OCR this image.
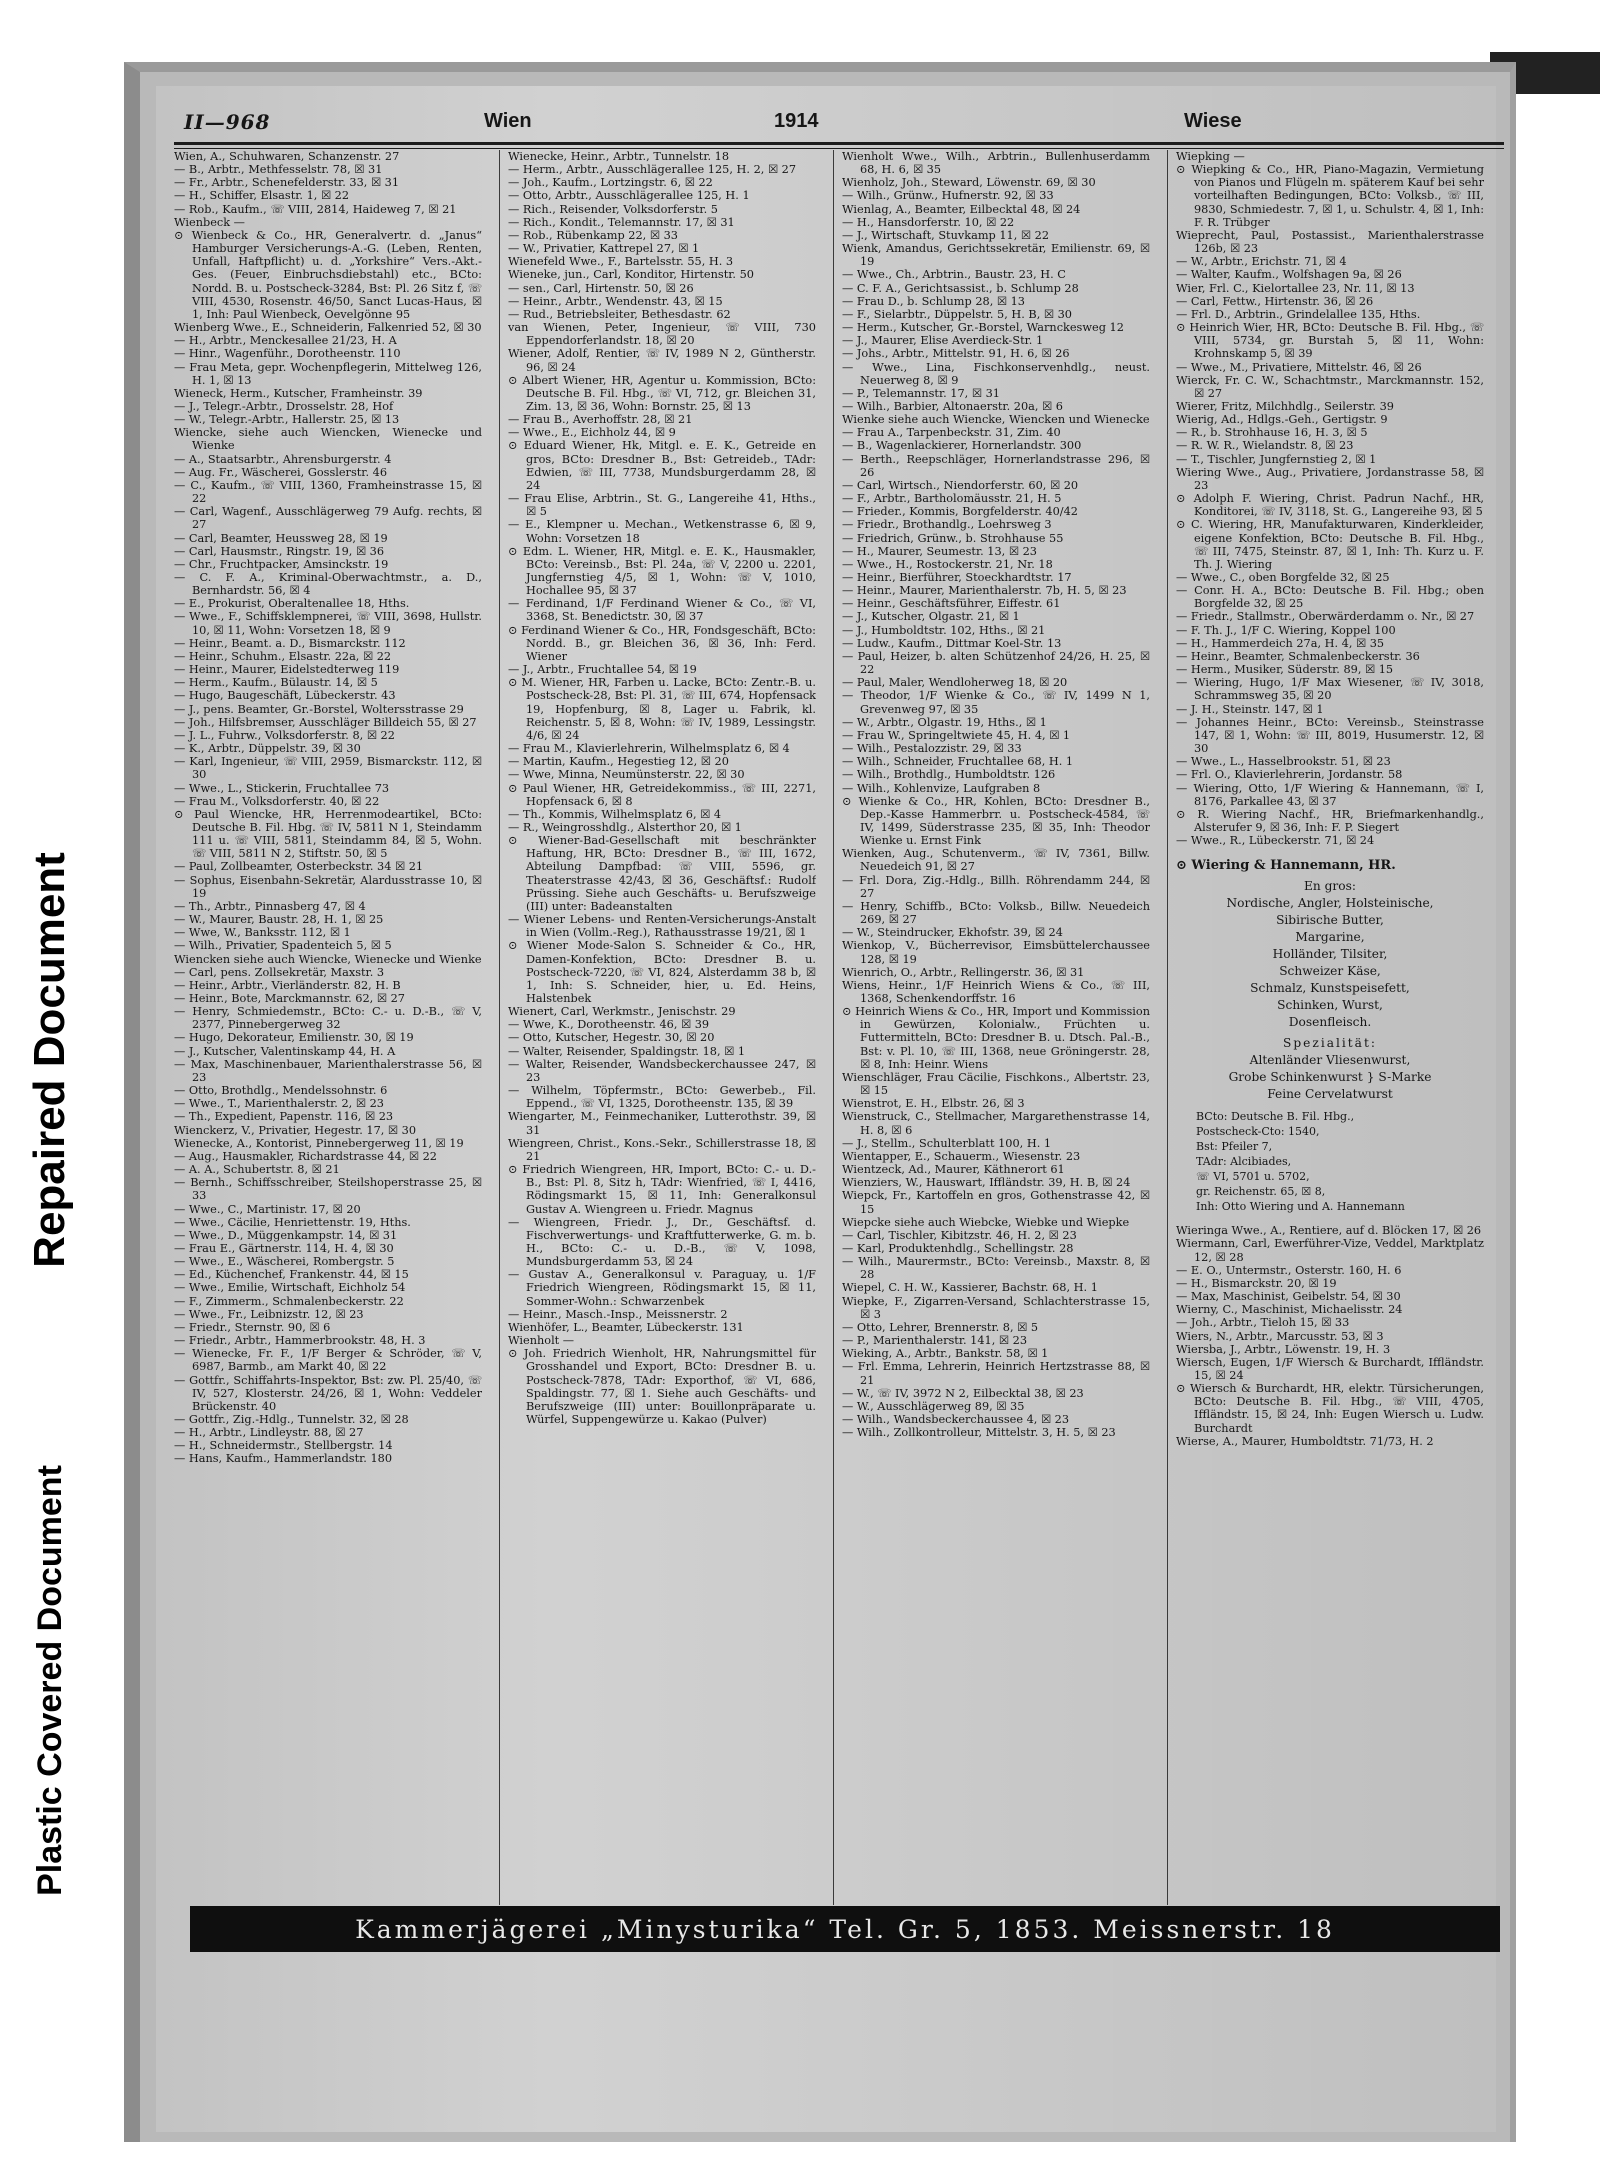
Repaired Document
Plastic Covered Document
II—968	Wien	1914	Wiese

Wien, A., Schuhwaren, Schanzenstr. 27

— B., Arbtr., Methfesselstr. 78, ☒ 31

— Fr., Arbtr., Schenefelderstr. 33, ☒ 31

— H., Schiffer, Elsastr. 1, ☒ 22

— Rob., Kaufm., ☏ VIII, 2814, Haideweg 7, ☒ 21

Wienbeck —

⊙ Wienbeck & Co., HR, Generalvertr. d. „Janus“ Hamburger Versicherungs-A.-G. (Leben, Renten, Unfall, Haftpflicht) u. d. „Yorkshire“ Vers.-Akt.-Ges. (Feuer, Einbruchsdiebstahl) etc., BCto: Nordd. B. u. Postscheck-3284, Bst: Pl. 26 Sitz f, ☏ VIII, 4530, Rosenstr. 46/50, Sanct Lucas-Haus, ☒ 1, Inh: Paul Wienbeck, Oevelgönne 95

Wienberg Wwe., E., Schneiderin, Falkenried 52, ☒ 30

— H., Arbtr., Menckesallee 21/23, H. A

— Hinr., Wagenführ., Dorotheenstr. 110

— Frau Meta, gepr. Wochenpflegerin, Mittelweg 126, H. 1, ☒ 13

Wieneck, Herm., Kutscher, Framheinstr. 39

— J., Telegr.-Arbtr., Drosselstr. 28, Hof

— W., Telegr.-Arbtr., Hallerstr. 25, ☒ 13

Wiencke, siehe auch Wiencken, Wienecke und Wienke

— A., Staatsarbtr., Ahrensburgerstr. 4

— Aug. Fr., Wäscherei, Gosslerstr. 46

— C., Kaufm., ☏ VIII, 1360, Framheinstrasse 15, ☒ 22

— Carl, Wagenf., Ausschlägerweg 79 Aufg. rechts, ☒ 27

— Carl, Beamter, Heussweg 28, ☒ 19

— Carl, Hausmstr., Ringstr. 19, ☒ 36

— Chr., Fruchtpacker, Amsinckstr. 19

— C. F. A., Kriminal-Oberwachtmstr., a. D., Bernhardstr. 56, ☒ 4

— E., Prokurist, Oberaltenallee 18, Hths.

— Wwe., F., Schiffsklempnerei, ☏ VIII, 3698, Hullstr. 10, ☒ 11, Wohn: Vorsetzen 18, ☒ 9

— Heinr., Beamt. a. D., Bismarckstr. 112

— Heinr., Schuhm., Elsastr. 22a, ☒ 22

— Heinr., Maurer, Eidelstedterweg 119

— Herm., Kaufm., Bülaustr. 14, ☒ 5

— Hugo, Baugeschäft, Lübeckerstr. 43

— J., pens. Beamter, Gr.-Borstel, Woltersstrasse 29

— Joh., Hilfsbremser, Ausschläger Billdeich 55, ☒ 27

— J. L., Fuhrw., Volksdorferstr. 8, ☒ 22

— K., Arbtr., Düppelstr. 39, ☒ 30

— Karl, Ingenieur, ☏ VIII, 2959, Bismarckstr. 112, ☒ 30

— Wwe., L., Stickerin, Fruchtallee 73

— Frau M., Volksdorferstr. 40, ☒ 22

⊙ Paul Wiencke, HR, Herrenmodeartikel, BCto: Deutsche B. Fil. Hbg. ☏ IV, 5811 N 1, Steindamm 111 u. ☏ VIII, 5811, Steindamm 84, ☒ 5, Wohn. ☏ VIII, 5811 N 2, Stiftstr. 50, ☒ 5

— Paul, Zollbeamter, Osterbeckstr. 34 ☒ 21

— Sophus, Eisenbahn-Sekretär, Alardusstrasse 10, ☒ 19

— Th., Arbtr., Pinnasberg 47, ☒ 4

— W., Maurer, Baustr. 28, H. 1, ☒ 25

— Wwe, W., Banksstr. 112, ☒ 1

— Wilh., Privatier, Spadenteich 5, ☒ 5

Wiencken siehe auch Wiencke, Wienecke und Wienke

— Carl, pens. Zollsekretär, Maxstr. 3

— Heinr., Arbtr., Vierländerstr. 82, H. B

— Heinr., Bote, Marckmannstr. 62, ☒ 27

— Henry, Schmiedemstr., BCto: C.- u. D.-B., ☏ V, 2377, Pinnebergerweg 32

— Hugo, Dekorateur, Emilienstr. 30, ☒ 19

— J., Kutscher, Valentinskamp 44, H. A

— Max, Maschinenbauer, Marienthalerstrasse 56, ☒ 23

— Otto, Brothdlg., Mendelssohnstr. 6

— Wwe., T., Marienthalerstr. 2, ☒ 23

— Th., Expedient, Papenstr. 116, ☒ 23

Wienckerz, V., Privatier, Hegestr. 17, ☒ 30

Wienecke, A., Kontorist, Pinnebergerweg 11, ☒ 19

— Aug., Hausmakler, Richardstrasse 44, ☒ 22

— A. A., Schubertstr. 8, ☒ 21

— Bernh., Schiffsschreiber, Steilshoperstrasse 25, ☒ 33

— Wwe., C., Martinistr. 17, ☒ 20

— Wwe., Cäcilie, Henriettenstr. 19, Hths.

— Wwe., D., Müggenkampstr. 14, ☒ 31

— Frau E., Gärtnerstr. 114, H. 4, ☒ 30

— Wwe., E., Wäscherei, Rombergstr. 5

— Ed., Küchenchef, Frankenstr. 44, ☒ 15

— Wwe., Emilie, Wirtschaft, Eichholz 54

— F., Zimmerm., Schmalenbeckerstr. 22

— Wwe., Fr., Leibnizstr. 12, ☒ 23

— Friedr., Sternstr. 90, ☒ 6

— Friedr., Arbtr., Hammerbrookstr. 48, H. 3

— Wienecke, Fr. F., 1/F Berger & Schröder, ☏ V, 6987, Barmb., am Markt 40, ☒ 22

— Gottfr., Schiffahrts-Inspektor, Bst: zw. Pl. 25/40, ☏ IV, 527, Klosterstr. 24/26, ☒ 1, Wohn: Veddeler Brückenstr. 40

— Gottfr., Zig.-Hdlg., Tunnelstr. 32, ☒ 28

— H., Arbtr., Lindleystr. 88, ☒ 27

— H., Schneidermstr., Stellbergstr. 14

— Hans, Kaufm., Hammerlandstr. 180

Wienecke, Heinr., Arbtr., Tunnelstr. 18

— Herm., Arbtr., Ausschlägerallee 125, H. 2, ☒ 27

— Joh., Kaufm., Lortzingstr. 6, ☒ 22

— Otto, Arbtr., Ausschlägerallee 125, H. 1

— Rich., Reisender, Volksdorferstr. 5

— Rich., Kondit., Telemannstr. 17, ☒ 31

— Rob., Rübenkamp 22, ☒ 33

— W., Privatier, Kattrepel 27, ☒ 1

Wienefeld Wwe., F., Bartelsstr. 55, H. 3

Wieneke, jun., Carl, Konditor, Hirtenstr. 50

— sen., Carl, Hirtenstr. 50, ☒ 26

— Heinr., Arbtr., Wendenstr. 43, ☒ 15

— Rud., Betriebsleiter, Bethesdastr. 62

van Wienen, Peter, Ingenieur, ☏ VIII, 730 Eppendorferlandstr. 18, ☒ 20

Wiener, Adolf, Rentier, ☏ IV, 1989 N 2, Güntherstr. 96, ☒ 24

⊙ Albert Wiener, HR, Agentur u. Kommission, BCto: Deutsche B. Fil. Hbg., ☏ VI, 712, gr. Bleichen 31, Zim. 13, ☒ 36, Wohn: Bornstr. 25, ☒ 13

— Frau B., Averhoffstr. 28, ☒ 21

— Wwe., E., Eichholz 44, ☒ 9

⊙ Eduard Wiener, Hk, Mitgl. e. E. K., Getreide en gros, BCto: Dresdner B., Bst: Getreideb., TAdr: Edwien, ☏ III, 7738, Mundsburgerdamm 28, ☒ 24

— Frau Elise, Arbtrin., St. G., Langereihe 41, Hths., ☒ 5

— E., Klempner u. Mechan., Wetkenstrasse 6, ☒ 9, Wohn: Vorsetzen 18

⊙ Edm. L. Wiener, HR, Mitgl. e. E. K., Hausmakler, BCto: Vereinsb., Bst: Pl. 24a, ☏ V, 2200 u. 2201, Jungfernstieg 4/5, ☒ 1, Wohn: ☏ V, 1010, Hochallee 95, ☒ 37

— Ferdinand, 1/F Ferdinand Wiener & Co., ☏ VI, 3368, St. Benedictstr. 30, ☒ 37

⊙ Ferdinand Wiener & Co., HR, Fondsgeschäft, BCto: Nordd. B., gr. Bleichen 36, ☒ 36, Inh: Ferd. Wiener

— J., Arbtr., Fruchtallee 54, ☒ 19

⊙ M. Wiener, HR, Farben u. Lacke, BCto: Zentr.-B. u. Postscheck-28, Bst: Pl. 31, ☏ III, 674, Hopfensack 19, Hopfenburg, ☒ 8, Lager u. Fabrik, kl. Reichenstr. 5, ☒ 8, Wohn: ☏ IV, 1989, Lessingstr. 4/6, ☒ 24

— Frau M., Klavierlehrerin, Wilhelmsplatz 6, ☒ 4

— Martin, Kaufm., Hegestieg 12, ☒ 20

— Wwe, Minna, Neumünsterstr. 22, ☒ 30

⊙ Paul Wiener, HR, Getreidekommiss., ☏ III, 2271, Hopfensack 6, ☒ 8

— Th., Kommis, Wilhelmsplatz 6, ☒ 4

— R., Weingrosshdlg., Alsterthor 20, ☒ 1

⊙ Wiener-Bad-Gesellschaft mit beschränkter Haftung, HR, BCto: Dresdner B., ☏ III, 1672, Abteilung Dampfbad: ☏ VIII, 5596, gr. Theaterstrasse 42/43, ☒ 36, Geschäftsf.: Rudolf Prüssing. Siehe auch Geschäfts- u. Berufszweige (III) unter: Badeanstalten

— Wiener Lebens- und Renten-Versicherungs-Anstalt in Wien (Vollm.-Reg.), Rathausstrasse 19/21, ☒ 1

⊙ Wiener Mode-Salon S. Schneider & Co., HR, Damen-Konfektion, BCto: Dresdner B. u. Postscheck-7220, ☏ VI, 824, Alsterdamm 38 b, ☒ 1, Inh: S. Schneider, hier, u. Ed. Heins, Halstenbek

Wienert, Carl, Werkmstr., Jenischstr. 29

— Wwe, K., Dorotheenstr. 46, ☒ 39

— Otto, Kutscher, Hegestr. 30, ☒ 20

— Walter, Reisender, Spaldingstr. 18, ☒ 1

— Walter, Reisender, Wandsbeckerchaussee 247, ☒ 23

— Wilhelm, Töpfermstr., BCto: Gewerbeb., Fil. Eppend., ☏ VI, 1325, Dorotheenstr. 135, ☒ 39

Wiengarter, M., Feinmechaniker, Lutterothstr. 39, ☒ 31

Wiengreen, Christ., Kons.-Sekr., Schillerstrasse 18, ☒ 21

⊙ Friedrich Wiengreen, HR, Import, BCto: C.- u. D.-B., Bst: Pl. 8, Sitz h, TAdr: Wienfried, ☏ I, 4416, Rödingsmarkt 15, ☒ 11, Inh: Generalkonsul Gustav A. Wiengreen u. Friedr. Magnus

— Wiengreen, Friedr. J., Dr., Geschäftsf. d. Fischverwertungs- und Kraftfutterwerke, G. m. b. H., BCto: C.- u. D.-B., ☏ V, 1098, Mundsburgerdamm 53, ☒ 24

— Gustav A., Generalkonsul v. Paraguay, u. 1/F Friedrich Wiengreen, Rödingsmarkt 15, ☒ 11, Sommer-Wohn.: Schwarzenbek

— Heinr., Masch.-Insp., Meissnerstr. 2

Wienhöfer, L., Beamter, Lübeckerstr. 131

Wienholt —

⊙ Joh. Friedrich Wienholt, HR, Nahrungsmittel für Grosshandel und Export, BCto: Dresdner B. u. Postscheck-7878, TAdr: Exporthof, ☏ VI, 686, Spaldingstr. 77, ☒ 1. Siehe auch Geschäfts- und Berufszweige (III) unter: Bouillonpräparate u. Würfel, Suppengewürze u. Kakao (Pulver)

Wienholt Wwe., Wilh., Arbtrin., Bullenhuserdamm 68, H. 6, ☒ 35

Wienholz, Joh., Steward, Löwenstr. 69, ☒ 30

— Wilh., Grünw., Hufnerstr. 92, ☒ 33

Wienlag, A., Beamter, Eilbecktal 48, ☒ 24

— H., Hansdorferstr. 10, ☒ 22

— J., Wirtschaft, Stuvkamp 11, ☒ 22

Wienk, Amandus, Gerichtssekretär, Emilienstr. 69, ☒ 19

— Wwe., Ch., Arbtrin., Baustr. 23, H. C

— C. F. A., Gerichtsassist., b. Schlump 28

— Frau D., b. Schlump 28, ☒ 13

— F., Sielarbtr., Düppelstr. 5, H. B, ☒ 30

— Herm., Kutscher, Gr.-Borstel, Warnckesweg 12

— J., Maurer, Elise Averdieck-Str. 1

— Johs., Arbtr., Mittelstr. 91, H. 6, ☒ 26

— Wwe., Lina, Fischkonservenhdlg., neust. Neuerweg 8, ☒ 9

— P., Telemannstr. 17, ☒ 31

— Wilh., Barbier, Altonaerstr. 20a, ☒ 6

Wienke siehe auch Wiencke, Wiencken und Wienecke

— Frau A., Tarpenbeckstr. 31, Zim. 40

— B., Wagenlackierer, Hornerlandstr. 300

— Berth., Reepschläger, Hornerlandstrasse 296, ☒ 26

— Carl, Wirtsch., Niendorferstr. 60, ☒ 20

— F., Arbtr., Bartholomäusstr. 21, H. 5

— Frieder., Kommis, Borgfelderstr. 40/42

— Friedr., Brothandlg., Loehrsweg 3

— Friedrich, Grünw., b. Strohhause 55

— H., Maurer, Seumestr. 13, ☒ 23

— Wwe., H., Rostockerstr. 21, Nr. 18

— Heinr., Bierführer, Stoeckhardtstr. 17

— Heinr., Maurer, Marienthalerstr. 7b, H. 5, ☒ 23

— Heinr., Geschäftsführer, Eiffestr. 61

— J., Kutscher, Olgastr. 21, ☒ 1

— J., Humboldtstr. 102, Hths., ☒ 21

— Ludw., Kaufm., Dittmar Koel-Str. 13

— Paul, Heizer, b. alten Schützenhof 24/26, H. 25, ☒ 22

— Paul, Maler, Wendloherweg 18, ☒ 20

— Theodor, 1/F Wienke & Co., ☏ IV, 1499 N 1, Grevenweg 97, ☒ 35

— W., Arbtr., Olgastr. 19, Hths., ☒ 1

— Frau W., Springeltwiete 45, H. 4, ☒ 1

— Wilh., Pestalozzistr. 29, ☒ 33

— Wilh., Schneider, Fruchtallee 68, H. 1

— Wilh., Brothdlg., Humboldtstr. 126

— Wilh., Kohlenvize, Laufgraben 8

⊙ Wienke & Co., HR, Kohlen, BCto: Dresdner B., Dep.-Kasse Hammerbrr. u. Postscheck-4584, ☏ IV, 1499, Süderstrasse 235, ☒ 35, Inh: Theodor Wienke u. Ernst Fink

Wienken, Aug., Schutenverm., ☏ IV, 7361, Billw. Neuedeich 91, ☒ 27

— Frl. Dora, Zig.-Hdlg., Billh. Röhrendamm 244, ☒ 27

— Henry, Schiffb., BCto: Volksb., Billw. Neuedeich 269, ☒ 27

— W., Steindrucker, Ekhofstr. 39, ☒ 24

Wienkop, V., Bücherrevisor, Eimsbüttelerchaussee 128, ☒ 19

Wienrich, O., Arbtr., Rellingerstr. 36, ☒ 31

Wiens, Heinr., 1/F Heinrich Wiens & Co., ☏ III, 1368, Schenkendorffstr. 16

⊙ Heinrich Wiens & Co., HR, Import und Kommission in Gewürzen, Kolonialw., Früchten u. Futtermitteln, BCto: Dresdner B. u. Dtsch. Pal.-B., Bst: v. Pl. 10, ☏ III, 1368, neue Gröningerstr. 28, ☒ 8, Inh: Heinr. Wiens

Wienschläger, Frau Cäcilie, Fischkons., Albertstr. 23, ☒ 15

Wienstrot, E. H., Elbstr. 26, ☒ 3

Wienstruck, C., Stellmacher, Margarethenstrasse 14, H. 8, ☒ 6

— J., Stellm., Schulterblatt 100, H. 1

Wientapper, E., Schauerm., Wiesenstr. 23

Wientzeck, Ad., Maurer, Käthnerort 61

Wienziers, W., Hauswart, Iffländstr. 39, H. B, ☒ 24

Wiepck, Fr., Kartoffeln en gros, Gothenstrasse 42, ☒ 15

Wiepcke siehe auch Wiebcke, Wiebke und Wiepke

— Carl, Tischler, Kibitzstr. 46, H. 2, ☒ 23

— Karl, Produktenhdlg., Schellingstr. 28

— Wilh., Maurermstr., BCto: Vereinsb., Maxstr. 8, ☒ 28

Wiepel, C. H. W., Kassierer, Bachstr. 68, H. 1

Wiepke, F., Zigarren-Versand, Schlachterstrasse 15, ☒ 3

— Otto, Lehrer, Brennerstr. 8, ☒ 5

— P., Marienthalerstr. 141, ☒ 23

Wieking, A., Arbtr., Bankstr. 58, ☒ 1

— Frl. Emma, Lehrerin, Heinrich Hertzstrasse 88, ☒ 21

— W., ☏ IV, 3972 N 2, Eilbecktal 38, ☒ 23

— W., Ausschlägerweg 89, ☒ 35

— Wilh., Wandsbeckerchaussee 4, ☒ 23

— Wilh., Zollkontrolleur, Mittelstr. 3, H. 5, ☒ 23

Wiepking —

⊙ Wiepking & Co., HR, Piano-Magazin, Vermietung von Pianos und Flügeln m. späterem Kauf bei sehr vorteilhaften Bedingungen, BCto: Volksb., ☏ III, 9830, Schmiedestr. 7, ☒ 1, u. Schulstr. 4, ☒ 1, Inh: F. R. Trübger

Wieprecht, Paul, Postassist., Marienthalerstrasse 126b, ☒ 23

— W., Arbtr., Erichstr. 71, ☒ 4

— Walter, Kaufm., Wolfshagen 9a, ☒ 26

Wier, Frl. C., Kielortallee 23, Nr. 11, ☒ 13

— Carl, Fettw., Hirtenstr. 36, ☒ 26

— Frl. D., Arbtrin., Grindelallee 135, Hths.

⊙ Heinrich Wier, HR, BCto: Deutsche B. Fil. Hbg., ☏ VIII, 5734, gr. Burstah 5, ☒ 11, Wohn: Krohnskamp 5, ☒ 39

— Wwe., M., Privatiere, Mittelstr. 46, ☒ 26

Wierck, Fr. C. W., Schachtmstr., Marckmannstr. 152, ☒ 27

Wierer, Fritz, Milchhdlg., Seilerstr. 39

Wierig, Ad., Hdlgs.-Geh., Gertigstr. 9

— R., b. Strohhause 16, H. 3, ☒ 5

— R. W. R., Wielandstr. 8, ☒ 23

— T., Tischler, Jungfernstieg 2, ☒ 1

Wiering Wwe., Aug., Privatiere, Jordanstrasse 58, ☒ 23

⊙ Adolph F. Wiering, Christ. Padrun Nachf., HR, Konditorei, ☏ IV, 3118, St. G., Langereihe 93, ☒ 5

⊙ C. Wiering, HR, Manufakturwaren, Kinderkleider, eigene Konfektion, BCto: Deutsche B. Fil. Hbg., ☏ III, 7475, Steinstr. 87, ☒ 1, Inh: Th. Kurz u. F. Th. J. Wiering

— Wwe., C., oben Borgfelde 32, ☒ 25

— Conr. H. A., BCto: Deutsche B. Fil. Hbg.; oben Borgfelde 32, ☒ 25

— Friedr., Stallmstr., Oberwärderdamm o. Nr., ☒ 27

— F. Th. J., 1/F C. Wiering, Koppel 100

— H., Hammerdeich 27a, H. 4, ☒ 35

— Heinr., Beamter, Schmalenbeckerstr. 36

— Herm., Musiker, Süderstr. 89, ☒ 15

— Wiering, Hugo, 1/F Max Wiesener, ☏ IV, 3018, Schrammsweg 35, ☒ 20

— J. H., Steinstr. 147, ☒ 1

— Johannes Heinr., BCto: Vereinsb., Steinstrasse 147, ☒ 1, Wohn: ☏ III, 8019, Husumerstr. 12, ☒ 30

— Wwe., L., Hasselbrookstr. 51, ☒ 23

— Frl. O., Klavierlehrerin, Jordanstr. 58

— Wiering, Otto, 1/F Wiering & Hannemann, ☏ I, 8176, Parkallee 43, ☒ 37

⊙ R. Wiering Nachf., HR, Briefmarkenhandlg., Alsterufer 9, ☒ 36, Inh: F. P. Siegert

— Wwe., R., Lübeckerstr. 71, ☒ 24

⊙ Wiering & Hannemann, HR.

En gros:

Nordische, Angler, Holsteinische,

Sibirische Butter,

Margarine,

Holländer, Tilsiter,

Schweizer Käse,

Schmalz, Kunstspeisefett,

Schinken, Wurst,

Dosenfleisch.

Spezialität:

Altenländer Vliesenwurst,

Grobe Schinkenwurst } S-Marke

Feine Cervelatwurst

BCto: Deutsche B. Fil. Hbg.,

Postscheck-Cto: 1540,

Bst: Pfeiler 7,

TAdr: Alcibiades,

☏ VI, 5701 u. 5702,

gr. Reichenstr. 65, ☒ 8,

Inh: Otto Wiering und A. Hannemann

Wieringa Wwe., A., Rentiere, auf d. Blöcken 17, ☒ 26

Wiermann, Carl, Ewerführer-Vize, Veddel, Marktplatz 12, ☒ 28

— E. O., Untermstr., Osterstr. 160, H. 6

— H., Bismarckstr. 20, ☒ 19

— Max, Maschinist, Geibelstr. 54, ☒ 30

Wierny, C., Maschinist, Michaelisstr. 24

— Joh., Arbtr., Tieloh 15, ☒ 33

Wiers, N., Arbtr., Marcusstr. 53, ☒ 3

Wiersba, J., Arbtr., Löwenstr. 19, H. 3

Wiersch, Eugen, 1/F Wiersch & Burchardt, Iffländstr. 15, ☒ 24

⊙ Wiersch & Burchardt, HR, elektr. Türsicherungen, BCto: Deutsche B. Fil. Hbg., ☏ VIII, 4705, Iffländstr. 15, ☒ 24, Inh: Eugen Wiersch u. Ludw. Burchardt

Wierse, A., Maurer, Humboldtstr. 71/73, H. 2

Kammerjägerei „Minysturika“ Tel. Gr. 5, 1853. Meissnerstr. 18
